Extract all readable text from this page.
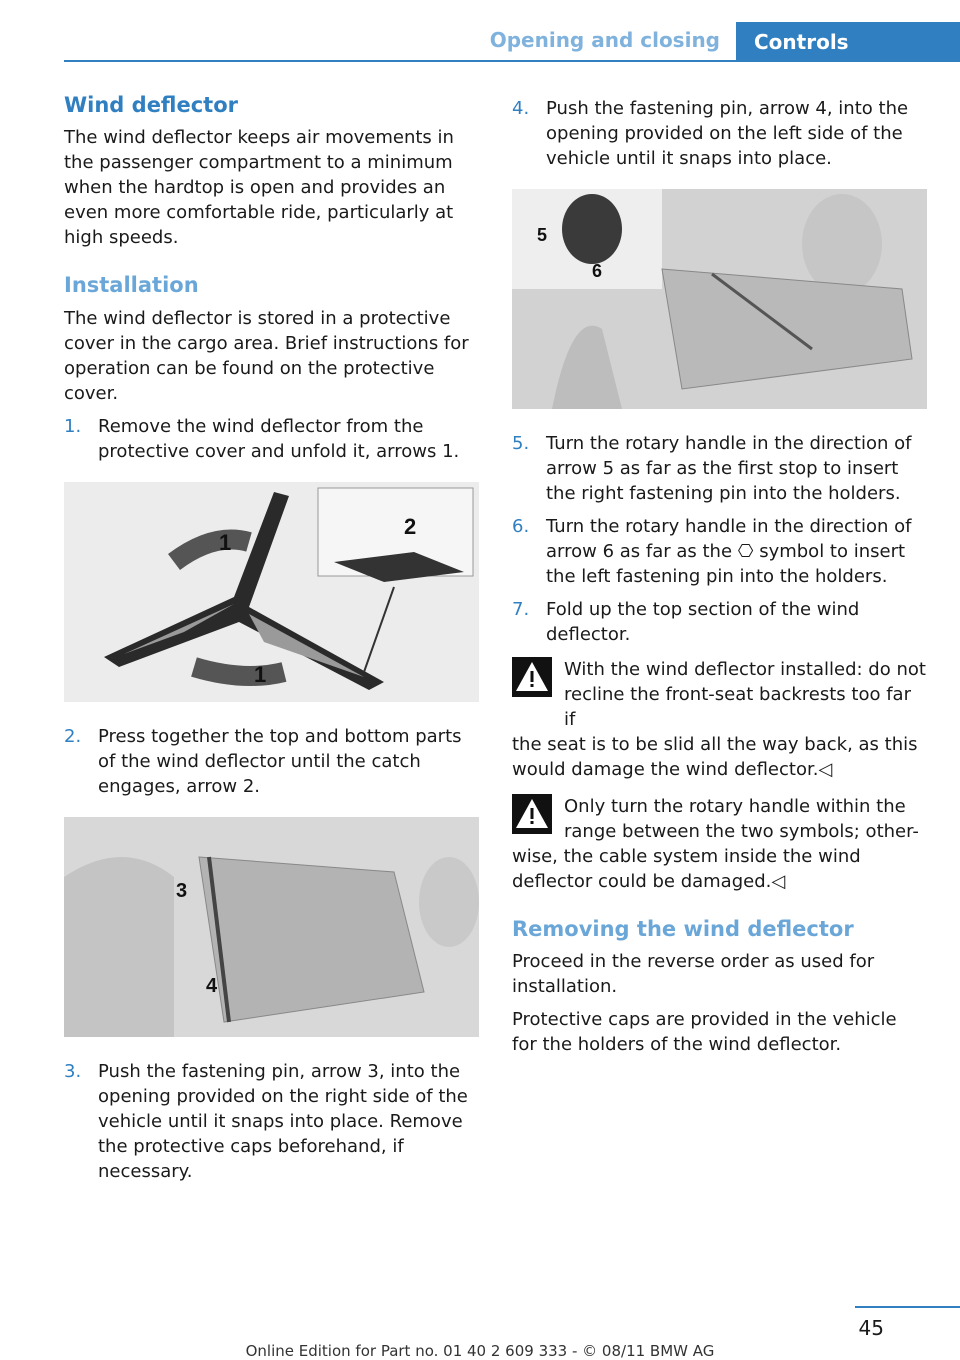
Opening and closing	Controls
Wind deflector

The wind deflector keeps air movements in the passenger compartment to a minimum when the hardtop is open and provides an even more comfortable ride, particularly at high speeds.

Installation

The wind deflector is stored in a protective cover in the cargo area. Brief instructions for operation can be found on the protective cover.

1. Remove the wind deflector from the protective cover and unfold it, arrows 1.
1
2
1
2. Press together the top and bottom parts of the wind deflector until the catch engages, arrow 2.
3
4
3. Push the fastening pin, arrow 3, into the opening provided on the right side of the vehicle until it snaps into place. Remove the protective caps beforehand, if necessary.
4. Push the fastening pin, arrow 4, into the opening provided on the left side of the vehicle until it snaps into place.
5
6
5. Turn the rotary handle in the direction of arrow 5 as far as the first stop to insert the right fastening pin into the holders.
6. Turn the rotary handle in the direction of arrow 6 as far as the ⎔ symbol to insert the left fastening pin into the holders.
7. Fold up the top section of the wind deflector.
With the wind deflector installed: do not recline the front-seat backrests too far if
the seat is to be slid all the way back, as this would damage the wind deflector.◁
Only turn the rotary handle within the range between the two symbols; other-
wise, the cable system inside the wind deflector could be damaged.◁
Removing the wind deflector

Proceed in the reverse order as used for installation.

Protective caps are provided in the vehicle for the holders of the wind deflector.

45
Online Edition for Part no. 01 40 2 609 333 - © 08/11 BMW AG
